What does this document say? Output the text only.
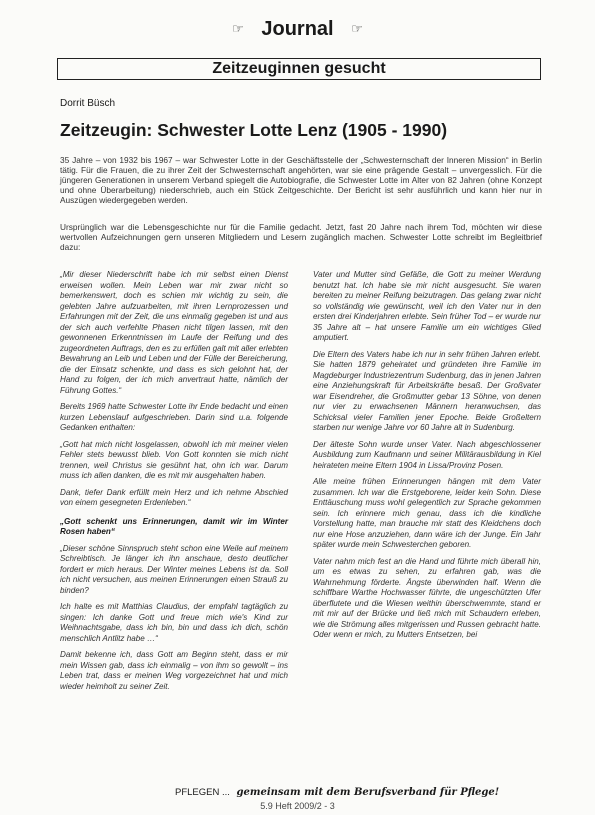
☞ Journal ☞
Zeitzeuginnen gesucht
Dorrit Büsch
Zeitzeugin: Schwester Lotte Lenz (1905 - 1990)
35 Jahre – von 1932 bis 1967 – war Schwester Lotte in der Geschäftsstelle der „Schwesternschaft der Inneren Mission“ in Berlin tätig. Für die Frauen, die zu ihrer Zeit der Schwesternschaft angehörten, war sie eine prägende Gestalt – unvergesslich. Für die jüngeren Generationen in unserem Verband spiegelt die Autobiografie, die Schwester Lotte im Alter von 82 Jahren (ohne Konzept und ohne Überarbeitung) niederschrieb, auch ein Stück Zeitgeschichte. Der Bericht ist sehr ausführlich und kann hier nur in Auszügen wiedergegeben werden.
Ursprünglich war die Lebensgeschichte nur für die Familie gedacht. Jetzt, fast 20 Jahre nach ihrem Tod, möchten wir diese wertvollen Aufzeichnungen gern unseren Mitgliedern und Lesern zugänglich machen. Schwester Lotte schreibt im Begleitbrief dazu:

„Mir dieser Niederschrift habe ich mir selbst einen Dienst erweisen wollen. Mein Leben war mir zwar nicht so bemerkenswert, doch es schien mir wichtig zu sein, die gelebten Jahre aufzuarbeiten, mit ihren Lernprozessen und Erfahrungen mit der Zeit, die uns einmalig gegeben ist und aus der sich auch verfehlte Phasen nicht tilgen lassen, mit den gewonnenen Erkenntnissen im Laufe der Reifung und des zugeordneten Auftrags, den es zu erfüllen galt mit aller erlebten Bewahrung an Leib und Leben und der Fülle der Bereicherung, die der Einsatz schenkte, und dass es sich gelohnt hat, der Hand zu folgen, der ich mich anvertraut hatte, nämlich der Führung Gottes.“

Bereits 1969 hatte Schwester Lotte ihr Ende bedacht und einen kurzen Lebenslauf aufgeschrieben. Darin sind u.a. folgende Gedanken enthalten:

„Gott hat mich nicht losgelassen, obwohl ich mir meiner vielen Fehler stets bewusst blieb. Von Gott konnten sie mich nicht trennen, weil Christus sie gesühnt hat, ohn ich war. Darum muss ich allen danken, die es mit mir ausgehalten haben.

Dank, tiefer Dank erfüllt mein Herz und ich nehme Abschied von einem gesegneten Erdenleben.“

„Gott schenkt uns Erinnerungen, damit wir im Winter Rosen haben“

„Dieser schöne Sinnspruch steht schon eine Weile auf meinem Schreibtisch. Je länger ich ihn anschaue, desto deutlicher fordert er mich heraus. Der Winter meines Lebens ist da. Soll ich nicht versuchen, aus meinen Erinnerungen einen Strauß zu binden?

Ich halte es mit Matthias Claudius, der empfahl tagtäglich zu singen: Ich danke Gott und freue mich wie's Kind zur Weihnachtsgabe, dass ich bin, bin und dass ich dich, schön menschlich Antlitz habe …“

Damit bekenne ich, dass Gott am Beginn steht, dass er mir mein Wissen gab, dass ich einmalig – von ihm so gewollt – ins Leben trat, dass er meinen Weg vorgezeichnet hat und mich wieder heimholt zu seiner Zeit.

Vater und Mutter sind Gefäße, die Gott zu meiner Werdung benutzt hat. Ich habe sie mir nicht ausgesucht. Sie waren bereiten zu meiner Reifung beizutragen. Das gelang zwar nicht so vollständig wie gewünscht, weil ich den Vater nur in den ersten drei Kinderjahren erlebte. Sein früher Tod – er wurde nur 35 Jahre alt – hat unsere Familie um ein wichtiges Glied amputiert.

Die Eltern des Vaters habe ich nur in sehr frühen Jahren erlebt. Sie hatten 1879 geheiratet und gründeten ihre Familie im Magdeburger Industriezentrum Sudenburg, das in jenen Jahren eine Anziehungskraft für Arbeitskräfte besaß. Der Großvater war Eisendreher, die Großmutter gebar 13 Söhne, von denen nur vier zu erwachsenen Männern heranwuchsen, das Schicksal vieler Familien jener Epoche. Beide Großeltern starben nur wenige Jahre vor 60 Jahre alt in Sudenburg.

Der älteste Sohn wurde unser Vater. Nach abgeschlossener Ausbildung zum Kaufmann und seiner Militärausbildung in Kiel heirateten meine Eltern 1904 in Lissa/Provinz Posen.

Alle meine frühen Erinnerungen hängen mit dem Vater zusammen. Ich war die Erstgeborene, leider kein Sohn. Diese Enttäuschung muss wohl gelegentlich zur Sprache gekommen sein. Ich erinnere mich genau, dass ich die kindliche Vorstellung hatte, man brauche mir statt des Kleidchens doch nur eine Hose anzuziehen, dann wäre ich der Junge. Ein Jahr später wurde mein Schwesterchen geboren.

Vater nahm mich fest an die Hand und führte mich überall hin, um es etwas zu sehen, zu erfahren gab, was die Wahrnehmung förderte. Ängste überwinden half. Wenn die schiffbare Warthe Hochwasser führte, die ungeschützten Ufer überflutete und die Wiesen weithin überschwemmte, stand er mit mir auf der Brücke und ließ mich mit Schaudern erleben, wie die Strömung alles mitgerissen und Russen gebracht hatte. Oder wenn er mich, zu Mutters Entsetzen, bei

PFLEGEN ... gemeinsam mit dem Berufsverband für Pflege!
5.9 Heft 2009/2 - 3
